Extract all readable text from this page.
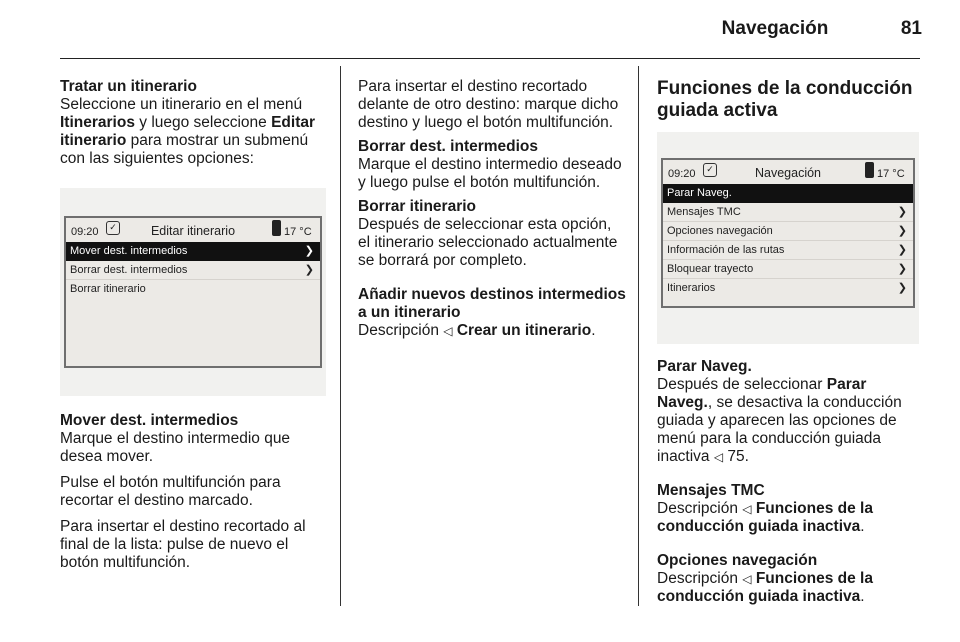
Navegación	81

Tratar un itinerario
Seleccione un itinerario en el menú Itinerarios y luego seleccione Editar itinerario para mostrar un submenú con las siguientes opciones:

09:20	✓	Editar itinerario	17 °C
Mover dest. intermedios	❯
Borrar dest. intermedios	❯
Borrar itinerario

Mover dest. intermedios
Marque el destino intermedio que desea mover.

Pulse el botón multifunción para recortar el destino marcado.

Para insertar el destino recortado al final de la lista: pulse de nuevo el botón multifunción.

Para insertar el destino recortado delante de otro destino: marque dicho destino y luego el botón multifunción.

Borrar dest. intermedios
Marque el destino intermedio deseado y luego pulse el botón multifunción.

Borrar itinerario
Después de seleccionar esta opción, el itinerario seleccionado actualmente se borrará por completo.

Añadir nuevos destinos intermedios a un itinerario
Descripción ◁ Crear un itinerario.

Funciones de la conducción guiada activa

09:20	✓	Navegación	17 °C
Parar Naveg.
Mensajes TMC	❯
Opciones navegación	❯
Información de las rutas	❯
Bloquear trayecto	❯
Itinerarios	❯

Parar Naveg.
Después de seleccionar Parar Naveg., se desactiva la conducción guiada y aparecen las opciones de menú para la conducción guiada inactiva ◁ 75.

Mensajes TMC
Descripción ◁ Funciones de la conducción guiada inactiva.

Opciones navegación
Descripción ◁ Funciones de la conducción guiada inactiva.
